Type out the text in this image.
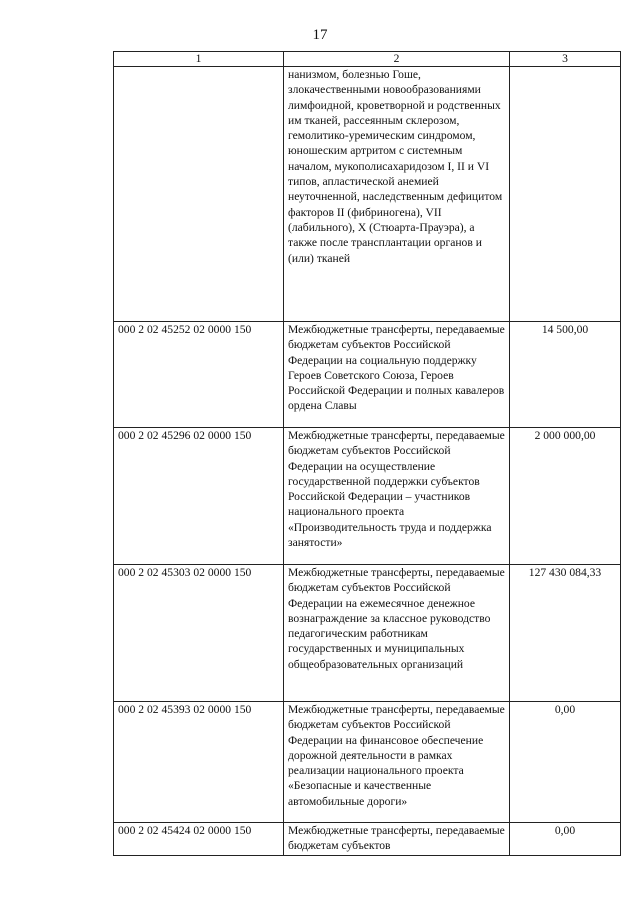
17
1	2	3
	нанизмом, болезнью Гоше, злокачественными новообразованиями лимфоидной, кроветворной и родственных им тканей, рассеянным склерозом, гемолитико-уремическим синдромом, юношеским артритом с системным началом, мукополисахаридозом I, II и VI типов, апластической анемией неуточненной, наследственным дефицитом факторов II (фибриногена), VII (лабильного), X (Стюарта-Прауэра), а также после трансплантации органов и (или) тканей	
000 2 02 45252 02 0000 150	Межбюджетные трансферты, передаваемые бюджетам субъектов Российской Федерации на социальную поддержку Героев Советского Союза, Героев Российской Федерации и полных кавалеров ордена Славы	14 500,00
000 2 02 45296 02 0000 150	Межбюджетные трансферты, передаваемые бюджетам субъектов Российской Федерации на осуществление государственной поддержки субъектов Российской Федерации – участников национального проекта «Производительность труда и поддержка занятости»	2 000 000,00
000 2 02 45303 02 0000 150	Межбюджетные трансферты, передаваемые бюджетам субъектов Российской Федерации на ежемесячное денежное вознаграждение за классное руководство педагогическим работникам государственных и муниципальных общеобразовательных организаций	127 430 084,33
000 2 02 45393 02 0000 150	Межбюджетные трансферты, передаваемые бюджетам субъектов Российской Федерации на финансовое обеспечение дорожной деятельности в рамках реализации национального проекта «Безопасные и качественные автомобильные дороги»	0,00
000 2 02 45424 02 0000 150	Межбюджетные трансферты, передаваемые бюджетам субъектов	0,00
